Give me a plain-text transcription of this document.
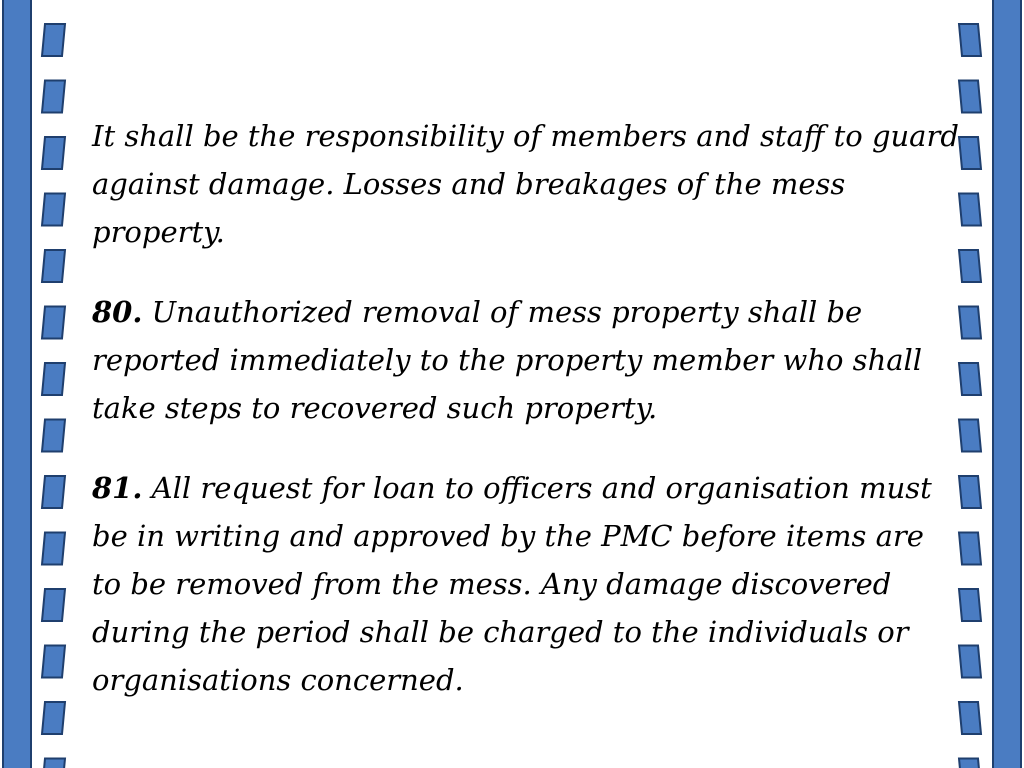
It shall be the responsibility of members and staff to guard against damage. Losses and breakages of the mess property.

80. Unauthorized removal of mess property shall be reported immediately to the property member who shall take steps to recovered such property.

81. All request for loan to officers and organisation must be in writing and approved by the PMC before items are to be removed from the mess. Any damage discovered during the period shall be charged to the individuals or organisations concerned.
